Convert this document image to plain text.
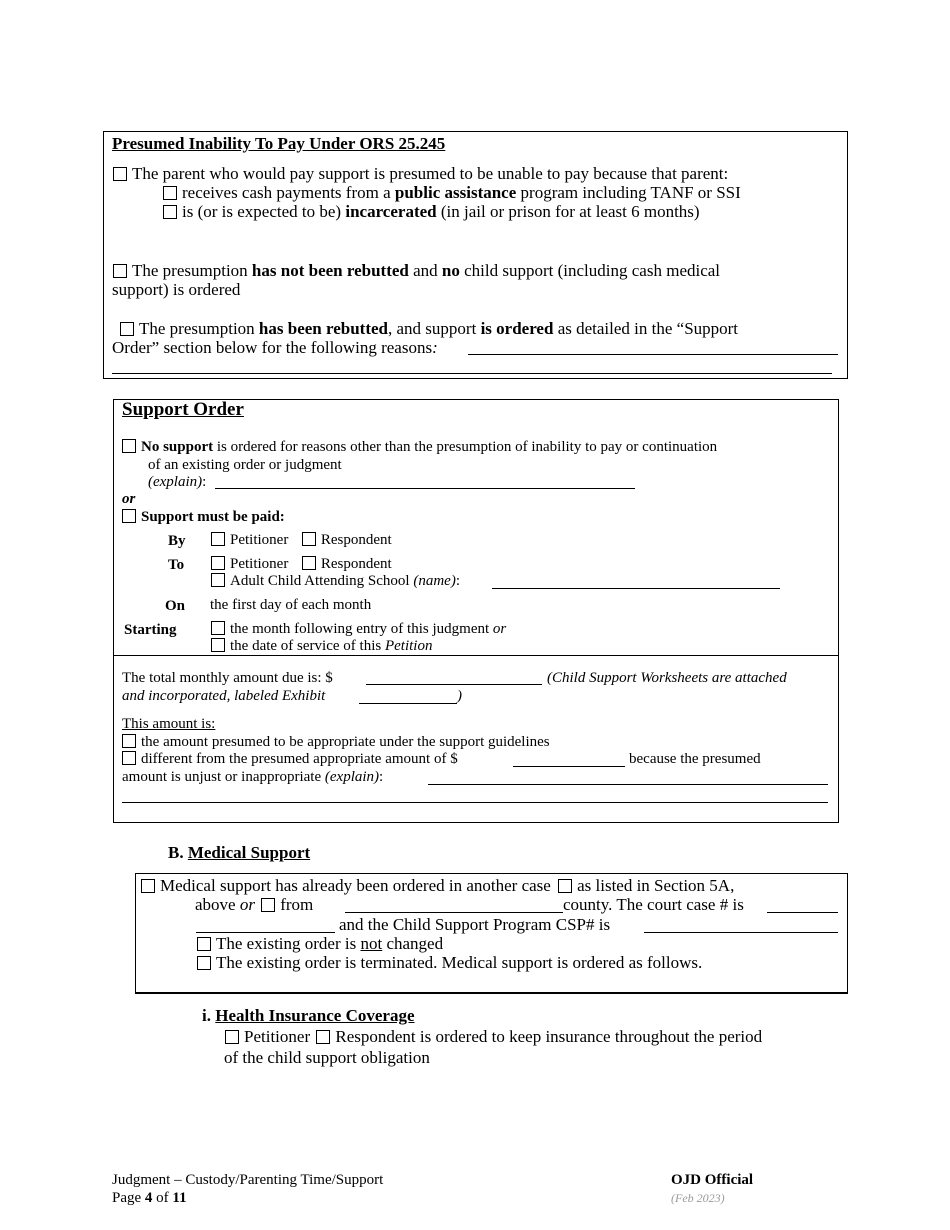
Presumed Inability To Pay Under ORS 25.245
The parent who would pay support is presumed to be unable to pay because that parent:
receives cash payments from a public assistance program including TANF or SSI
is (or is expected to be) incarcerated (in jail or prison for at least 6 months)
The presumption has not been rebutted and no child support (including cash medical
support) is ordered
The presumption has been rebutted, and support is ordered as detailed in the “Support
Order” section below for the following reasons:
Support Order
No support is ordered for reasons other than the presumption of inability to pay or continuation
of an existing order or judgment
(explain):
or
Support must be paid:
By	Petitioner Respondent
To	Petitioner Respondent
Adult Child Attending School (name):
On the first day of each month
Starting	the month following entry of this judgment or
the date of service of this Petition
The total monthly amount due is: $	(Child Support Worksheets are attached
and incorporated, labeled Exhibit	)
This amount is:
the amount presumed to be appropriate under the support guidelines
different from the presumed appropriate amount of $	because the presumed
amount is unjust or inappropriate (explain):
B. Medical Support
Medical support has already been ordered in another case as listed in Section 5A,
above or from	county. The court case # is
and the Child Support Program CSP# is
The existing order is not changed
The existing order is terminated. Medical support is ordered as follows.
i. Health Insurance Coverage
Petitioner Respondent is ordered to keep insurance throughout the period
of the child support obligation
Judgment – Custody/Parenting Time/Support
Page 4 of 11
OJD Official
(Feb 2023)
